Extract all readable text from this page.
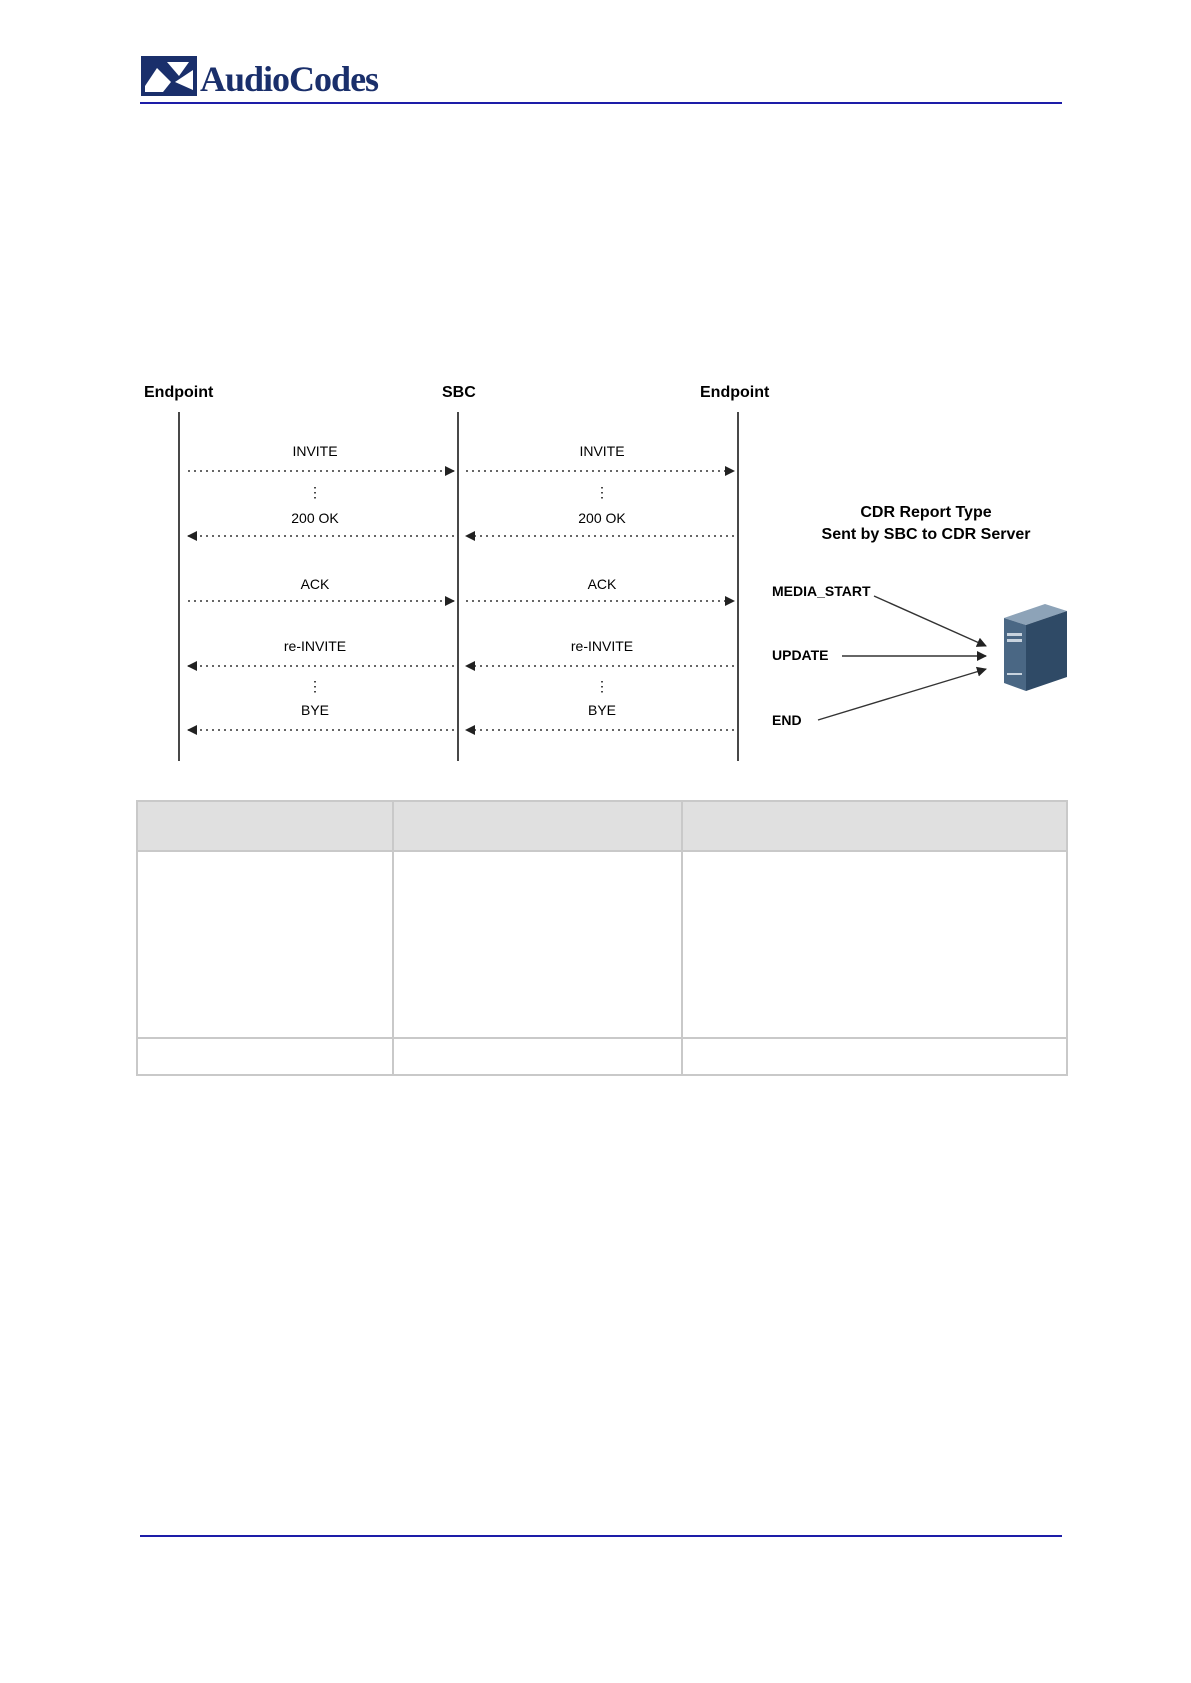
AudioCodes
Endpoint	SBC	Endpoint
INVITE	INVITE
⋮	⋮
200 OK	200 OK
ACK	ACK
re-INVITE	re-INVITE
⋮	⋮
BYE	BYE
CDR Report Type
Sent by SBC to CDR Server
MEDIA_START
UPDATE
END
